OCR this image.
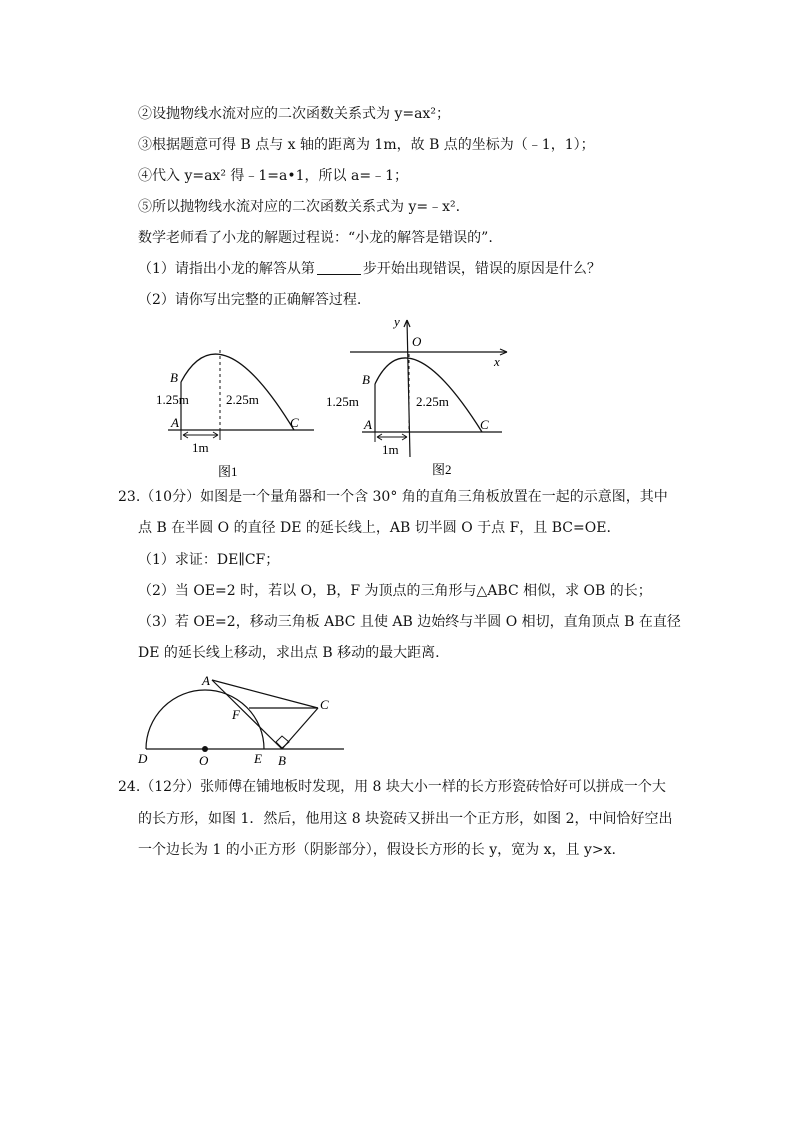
②设抛物线水流对应的二次函数关系式为 y=ax²；
③根据题意可得 B 点与 x 轴的距离为 1m，故 B 点的坐标为（﹣1，1）；
④代入 y=ax² 得﹣1=a•1，所以 a=﹣1；
⑤所以抛物线水流对应的二次函数关系式为 y=﹣x².
数学老师看了小龙的解题过程说：“小龙的解答是错误的”.
（1）请指出小龙的解答从第	步开始出现错误，错误的原因是什么？
（2）请你写出完整的正确解答过程.
B
A	C
1.25m	2.25m
1m
图1
y
O
x
B
A	C
1.25m	2.25m
1m
图2
23.（10分）如图是一个量角器和一个含 30° 角的直角三角板放置在一起的示意图，其中
点 B 在半圆 O 的直径 DE 的延长线上，AB 切半圆 O 于点 F，且 BC=OE.
（1）求证：DE∥CF；
（2）当 OE=2 时，若以 O，B，F 为顶点的三角形与△ABC 相似，求 OB 的长；
（3）若 OE=2，移动三角板 ABC 且使 AB 边始终与半圆 O 相切，直角顶点 B 在直径
DE 的延长线上移动，求出点 B 移动的最大距离.
A
C
F
D	O	E B
24.（12分）张师傅在铺地板时发现，用 8 块大小一样的长方形瓷砖恰好可以拼成一个大
的长方形，如图 1．然后，他用这 8 块瓷砖又拼出一个正方形，如图 2，中间恰好空出
一个边长为 1 的小正方形（阴影部分），假设长方形的长 y，宽为 x，且 y>x.
